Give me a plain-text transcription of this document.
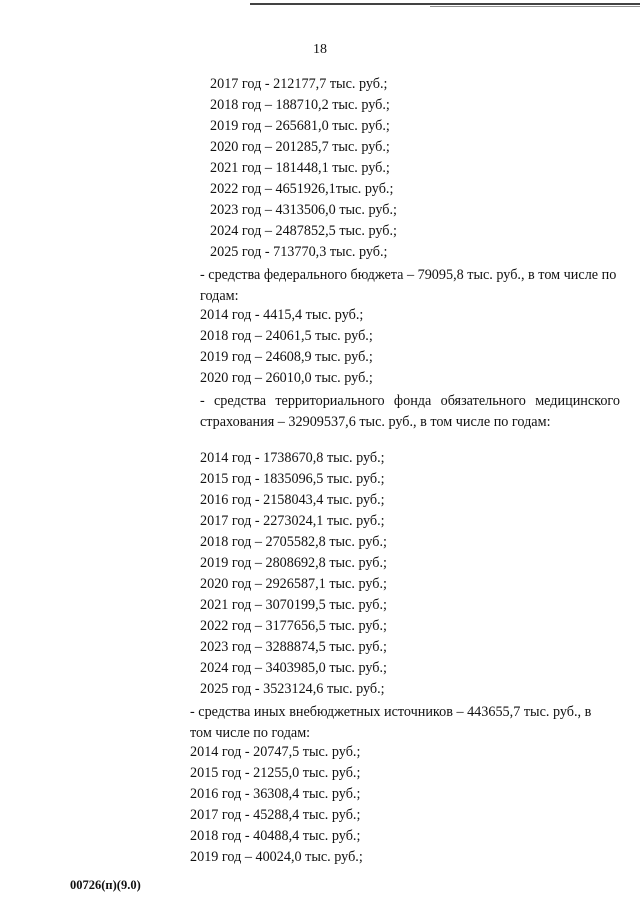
18
2017 год - 212177,7 тыс. руб.;
2018 год – 188710,2 тыс. руб.;
2019 год – 265681,0 тыс. руб.;
2020 год – 201285,7 тыс. руб.;
2021 год – 181448,1 тыс. руб.;
2022 год – 4651926,1тыс. руб.;
2023 год – 4313506,0 тыс. руб.;
2024 год – 2487852,5 тыс. руб.;
2025 год - 713770,3 тыс. руб.;
- средства федерального бюджета – 79095,8 тыс. руб., в том числе по годам:
2014 год - 4415,4 тыс. руб.;
2018 год – 24061,5 тыс. руб.;
2019 год – 24608,9 тыс. руб.;
2020 год – 26010,0 тыс. руб.;
- средства территориального фонда обязательного медицинского страхования – 32909537,6 тыс. руб., в том числе по годам:
2014 год - 1738670,8 тыс. руб.;
2015 год - 1835096,5 тыс. руб.;
2016 год - 2158043,4 тыс. руб.;
2017 год - 2273024,1 тыс. руб.;
2018 год – 2705582,8 тыс. руб.;
2019 год – 2808692,8 тыс. руб.;
2020 год – 2926587,1 тыс. руб.;
2021 год – 3070199,5 тыс. руб.;
2022 год – 3177656,5 тыс. руб.;
2023 год – 3288874,5 тыс. руб.;
2024 год – 3403985,0 тыс. руб.;
2025 год - 3523124,6 тыс. руб.;
- средства иных внебюджетных источников – 443655,7 тыс. руб., в том числе по годам:
2014 год - 20747,5 тыс. руб.;
2015 год - 21255,0 тыс. руб.;
2016 год - 36308,4 тыс. руб.;
2017 год - 45288,4 тыс. руб.;
2018 год - 40488,4 тыс. руб.;
2019 год – 40024,0 тыс. руб.;
00726(п)(9.0)
